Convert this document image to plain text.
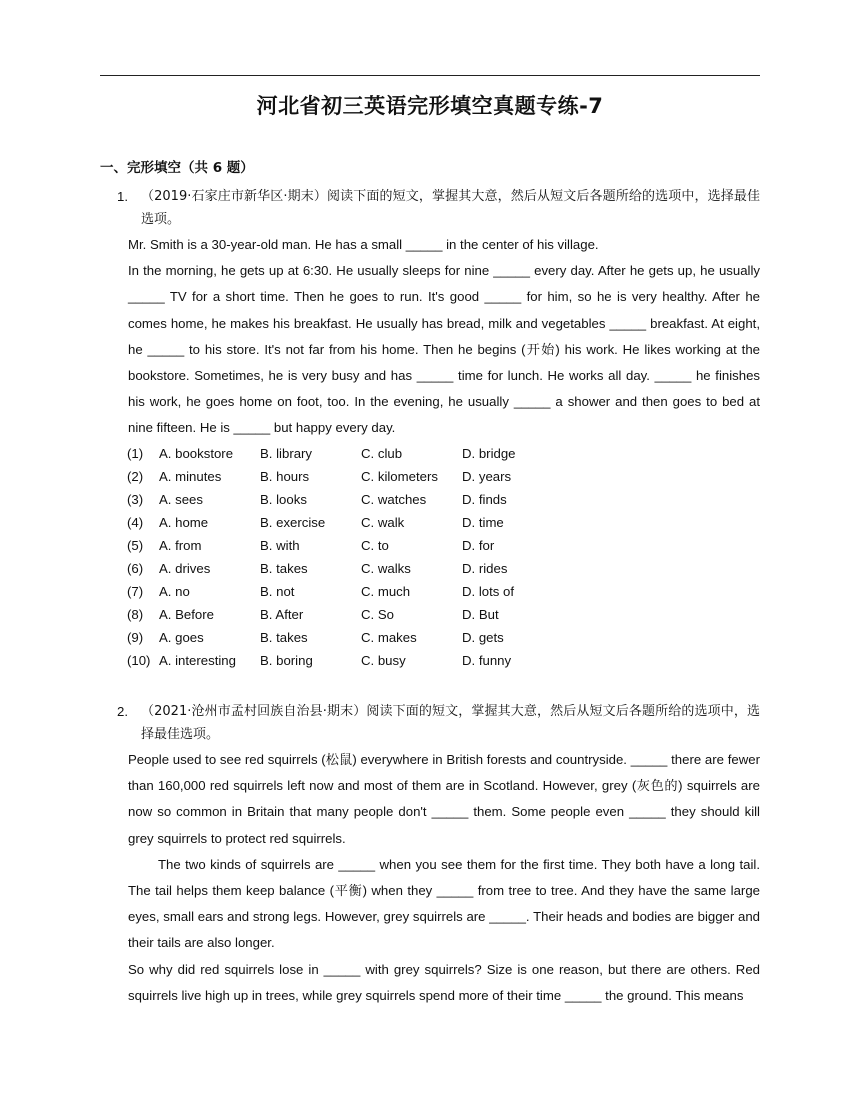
河北省初三英语完形填空真题专练-7
一、完形填空（共 6 题）
1. （2019·石家庄市新华区·期末）阅读下面的短文，掌握其大意，然后从短文后各题所给的选项中，选择最佳选项。

Mr. Smith is a 30-year-old man. He has a small _____ in the center of his village.

In the morning, he gets up at 6:30. He usually sleeps for nine _____ every day. After he gets up, he usually _____ TV for a short time. Then he goes to run. It's good _____ for him, so he is very healthy. After he comes home, he makes his breakfast. He usually has bread, milk and vegetables _____ breakfast. At eight, he _____ to his store. It's not far from his home. Then he begins (开始) his work. He likes working at the bookstore. Sometimes, he is very busy and has _____ time for lunch. He works all day. _____ he finishes his work, he goes home on foot, too. In the evening, he usually _____ a shower and then goes to bed at nine fifteen. He is _____ but happy every day.

(1)	A. bookstore	B. library	C. club	D. bridge
(2)	A. minutes	B. hours	C. kilometers	D. years
(3)	A. sees	B. looks	C. watches	D. finds
(4)	A. home	B. exercise	C. walk	D. time
(5)	A. from	B. with	C. to	D. for
(6)	A. drives	B. takes	C. walks	D. rides
(7)	A. no	B. not	C. much	D. lots of
(8)	A. Before	B. After	C. So	D. But
(9)	A. goes	B. takes	C. makes	D. gets
(10) A. interesting	B. boring	C. busy	D. funny
2. （2021·沧州市孟村回族自治县·期末）阅读下面的短文，掌握其大意，然后从短文后各题所给的选项中，选择最佳选项。

People used to see red squirrels (松鼠) everywhere in British forests and countryside. _____ there are fewer than 160,000 red squirrels left now and most of them are in Scotland. However, grey (灰色的) squirrels are now so common in Britain that many people don't _____ them. Some people even _____ they should kill grey squirrels to protect red squirrels.

The two kinds of squirrels are _____ when you see them for the first time. They both have a long tail. The tail helps them keep balance (平衡) when they _____ from tree to tree. And they have the same large eyes, small ears and strong legs. However, grey squirrels are _____. Their heads and bodies are bigger and their tails are also longer.

So why did red squirrels lose in _____ with grey squirrels? Size is one reason, but there are others. Red squirrels live high up in trees, while grey squirrels spend more of their time _____ the ground. This means
